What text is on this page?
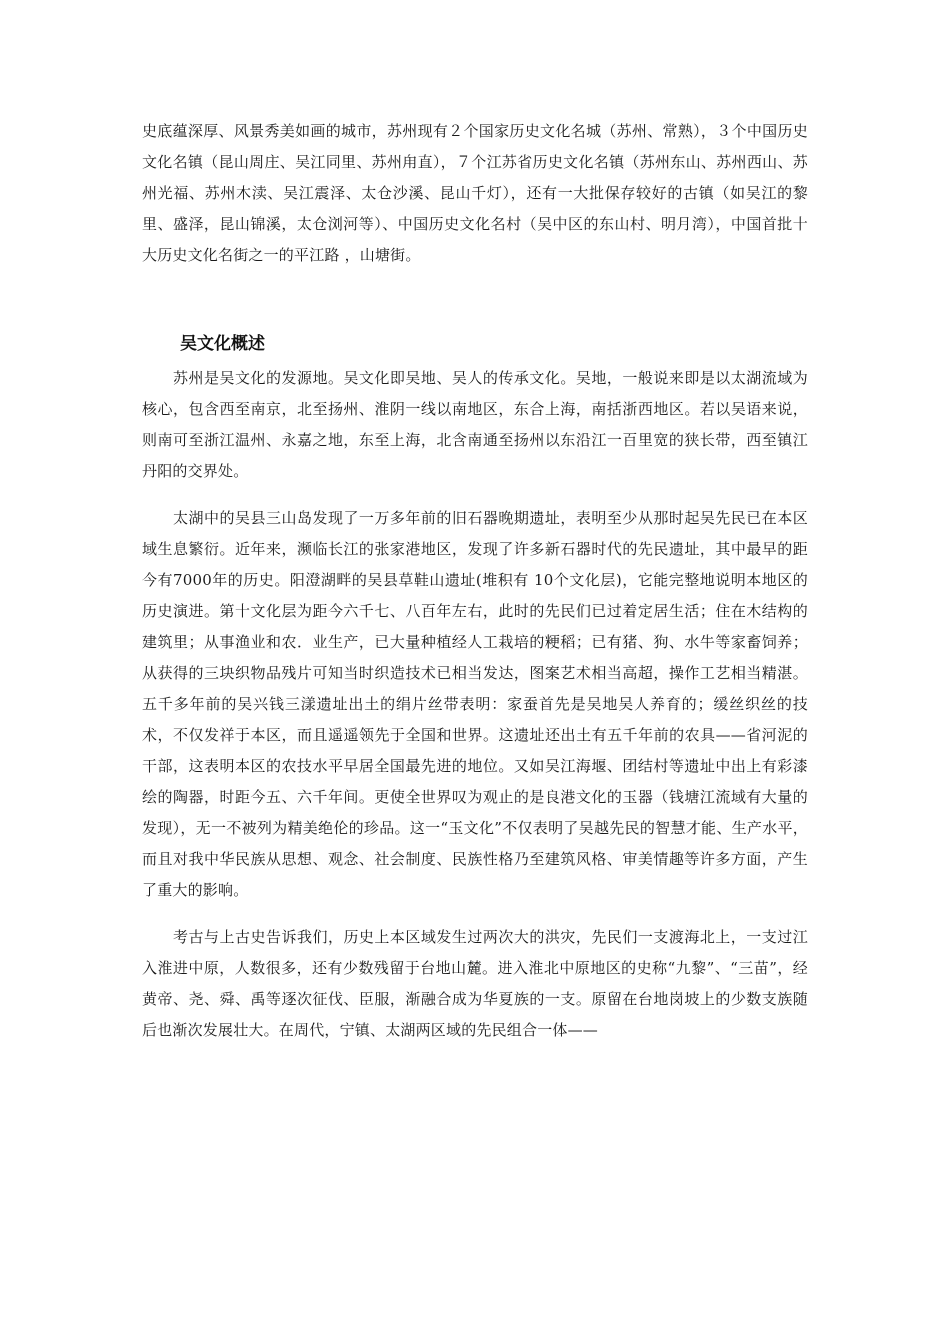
史底蕴深厚、风景秀美如画的城市，苏州现有２个国家历史文化名城（苏州、常熟），３个中国历史文化名镇（昆山周庄、吴江同里、苏州甪直），７个江苏省历史文化名镇（苏州东山、苏州西山、苏州光福、苏州木渎、吴江震泽、太仓沙溪、昆山千灯），还有一大批保存较好的古镇（如吴江的黎里、盛泽，昆山锦溪，太仓浏河等）、中国历史文化名村（吴中区的东山村、明月湾），中国首批十大历史文化名街之一的平江路 ，山塘街。

吴文化概述

苏州是吴文化的发源地。吴文化即吴地、吴人的传承文化。吴地，一般说来即是以太湖流域为核心，包含西至南京，北至扬州、淮阴一线以南地区，东合上海，南括浙西地区。若以吴语来说，则南可至浙江温州、永嘉之地，东至上海，北含南通至扬州以东沿江一百里宽的狭长带，西至镇江丹阳的交界处。

太湖中的吴县三山岛发现了一万多年前的旧石器晚期遗址，表明至少从那时起吴先民已在本区域生息繁衍。近年来，濒临长江的张家港地区，发现了许多新石器时代的先民遗址，其中最早的距今有7000年的历史。阳澄湖畔的吴县草鞋山遗址(堆积有 10个文化层)，它能完整地说明本地区的历史演进。第十文化层为距今六千七、八百年左右，此时的先民们已过着定居生活；住在木结构的建筑里；从事渔业和农．业生产，已大量种植经人工栽培的粳稻；已有猪、狗、水牛等家畜饲养；从获得的三块织物品残片可知当时织造技术已相当发达，图案艺术相当高超，操作工艺相当精湛。五千多年前的吴兴钱三漾遗址出土的绢片丝带表明：家蚕首先是吴地吴人养育的；缓丝织丝的技术，不仅发祥于本区，而且遥遥领先于全国和世界。这遗址还出土有五千年前的农具——省河泥的干部，这表明本区的农技水平早居全国最先进的地位。又如吴江海堰、团结村等遗址中出上有彩漆绘的陶器，时距今五、六千年间。更使全世界叹为观止的是良港文化的玉器（钱塘江流域有大量的发现），无一不被列为精美绝伦的珍品。这一“玉文化”不仅表明了吴越先民的智慧才能、生产水平，而且对我中华民族从思想、观念、社会制度、民族性格乃至建筑风格、审美情趣等许多方面，产生了重大的影响。

考古与上古史告诉我们，历史上本区域发生过两次大的洪灾，先民们一支渡海北上，一支过江入淮进中原，人数很多，还有少数残留于台地山麓。进入淮北中原地区的史称“九黎”、“三苗”，经黄帝、尧、舜、禹等逐次征伐、臣服，渐融合成为华夏族的一支。原留在台地岗坡上的少数支族随后也渐次发展壮大。在周代，宁镇、太湖两区域的先民组合一体——
